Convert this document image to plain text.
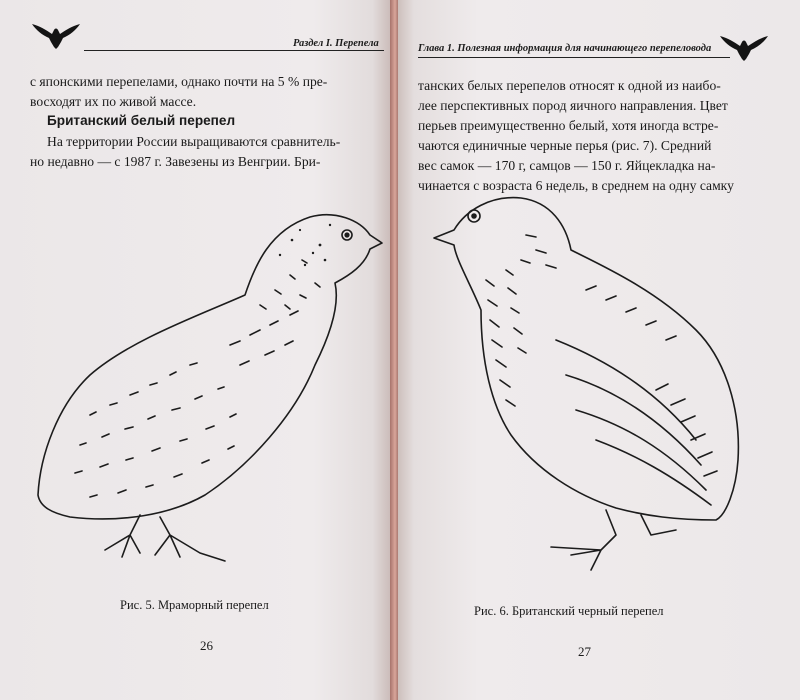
Раздел I. Перепела

с японскими перепелами, однако почти на 5 % пре-

восходят их по живой массе.

Британский белый перепел

На территории России выращиваются сравнитель-

но недавно — с 1987 г. Завезены из Венгрии. Бри-

Рис. 5. Мраморный перепел
26
Глава 1. Полезная информация для начинающего перепеловода

танских белых перепелов относят к одной из наибо-

лее перспективных пород яичного направления. Цвет

перьев преимущественно белый, хотя иногда встре-

чаются единичные черные перья (рис. 7). Средний

вес самок — 170 г, самцов — 150 г. Яйцекладка на-

чинается с возраста 6 недель, в среднем на одну самку

Рис. 6. Британский черный перепел
27
